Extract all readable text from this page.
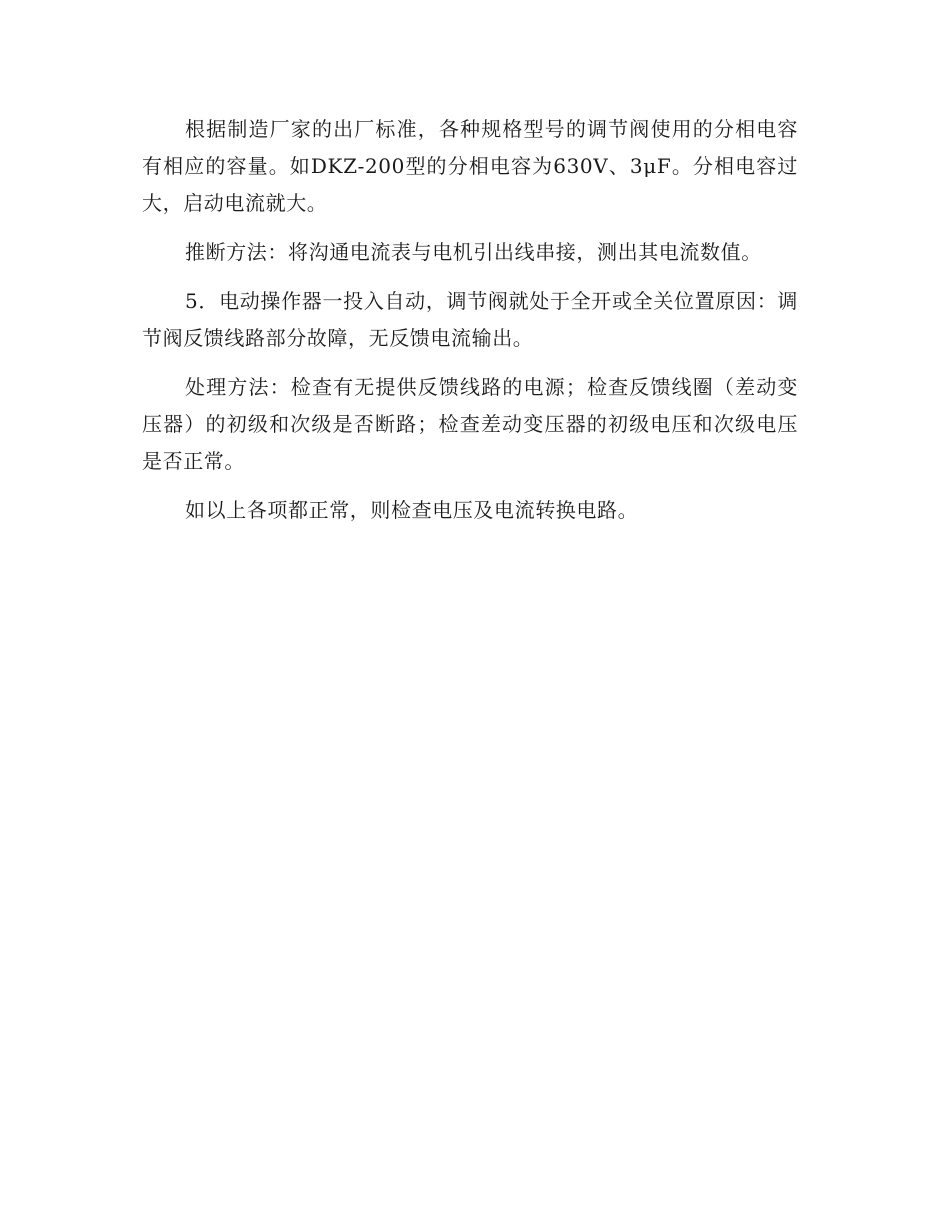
根据制造厂家的出厂标准，各种规格型号的调节阀使用的分相电容有相应的容量。如DKZ-200型的分相电容为630V、3μF。分相电容过大，启动电流就大。

推断方法：将沟通电流表与电机引出线串接，测出其电流数值。

5．电动操作器一投入自动，调节阀就处于全开或全关位置原因：调节阀反馈线路部分故障，无反馈电流输出。

处理方法：检查有无提供反馈线路的电源；检查反馈线圈（差动变压器）的初级和次级是否断路；检查差动变压器的初级电压和次级电压是否正常。

如以上各项都正常，则检查电压及电流转换电路。
